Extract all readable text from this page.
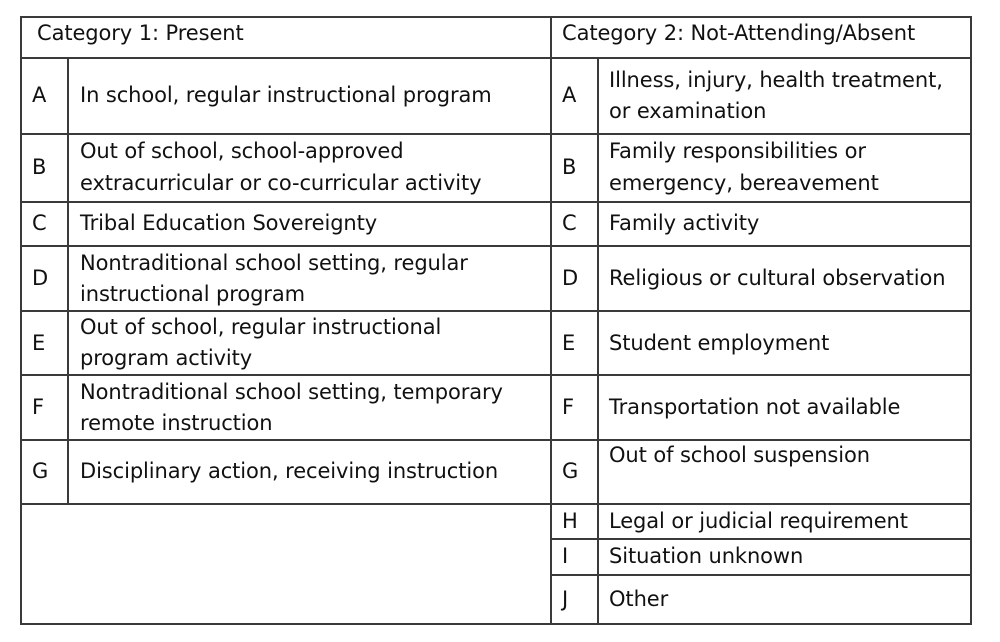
Category 1: Present	Category 2: Not-Attending/Absent
A In school, regular instructional program
B
Out of school, school-approved
extracurricular or co-curricular activity
C Tribal Education Sovereignty
D
Nontraditional school setting, regular
instructional program
E
Out of school, regular instructional
program activity
F
Nontraditional school setting, temporary
remote instruction
G Disciplinary action, receiving instruction
A
Illness, injury, health treatment,
or examination
B
Family responsibilities or
emergency, bereavement
C Family activity
D Religious or cultural observation
E Student employment
F Transportation not available
G
Out of school suspension
H Legal or judicial requirement
I Situation unknown
J Other
